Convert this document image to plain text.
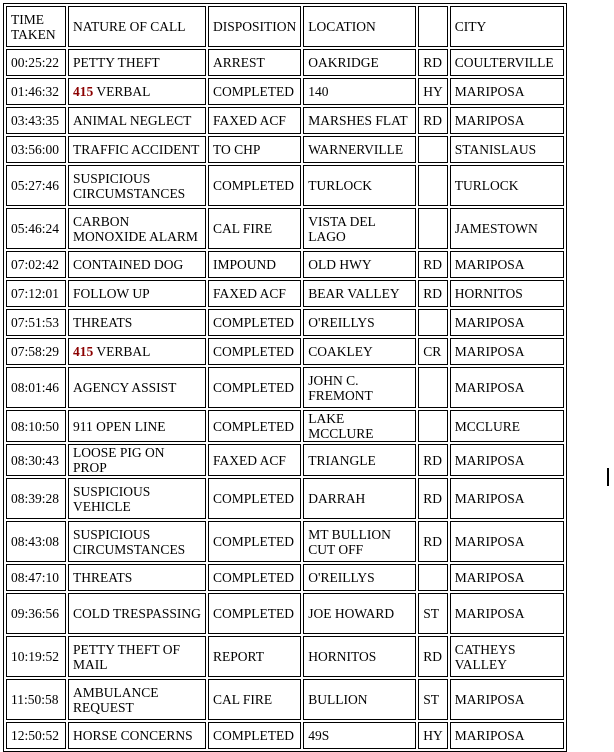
TIME TAKEN	NATURE OF CALL	DISPOSITION	LOCATION		CITY
00:25:22	PETTY THEFT	ARREST	OAKRIDGE	RD	COULTERVILLE
01:46:32	415 VERBAL	COMPLETED	140	HY	MARIPOSA
03:43:35	ANIMAL NEGLECT	FAXED ACF	MARSHES FLAT	RD	MARIPOSA
03:56:00	TRAFFIC ACCIDENT	TO CHP	WARNERVILLE		STANISLAUS
05:27:46	SUSPICIOUS CIRCUMSTANCES	COMPLETED	TURLOCK		TURLOCK
05:46:24	CARBON MONOXIDE ALARM	CAL FIRE	VISTA DEL LAGO		JAMESTOWN
07:02:42	CONTAINED DOG	IMPOUND	OLD HWY	RD	MARIPOSA
07:12:01	FOLLOW UP	FAXED ACF	BEAR VALLEY	RD	HORNITOS
07:51:53	THREATS	COMPLETED	O'REILLYS		MARIPOSA
07:58:29	415 VERBAL	COMPLETED	COAKLEY	CR	MARIPOSA
08:01:46	AGENCY ASSIST	COMPLETED	JOHN C. FREMONT		MARIPOSA
08:10:50	911 OPEN LINE	COMPLETED	LAKE MCCLURE		MCCLURE
08:30:43	LOOSE PIG ON PROP	FAXED ACF	TRIANGLE	RD	MARIPOSA
08:39:28	SUSPICIOUS VEHICLE	COMPLETED	DARRAH	RD	MARIPOSA
08:43:08	SUSPICIOUS CIRCUMSTANCES	COMPLETED	MT BULLION CUT OFF	RD	MARIPOSA
08:47:10	THREATS	COMPLETED	O'REILLYS		MARIPOSA
09:36:56	COLD TRESPASSING	COMPLETED	JOE HOWARD	ST	MARIPOSA
10:19:52	PETTY THEFT OF MAIL	REPORT	HORNITOS	RD	CATHEYS VALLEY
11:50:58	AMBULANCE REQUEST	CAL FIRE	BULLION	ST	MARIPOSA
12:50:52	HORSE CONCERNS	COMPLETED	49S	HY	MARIPOSA
